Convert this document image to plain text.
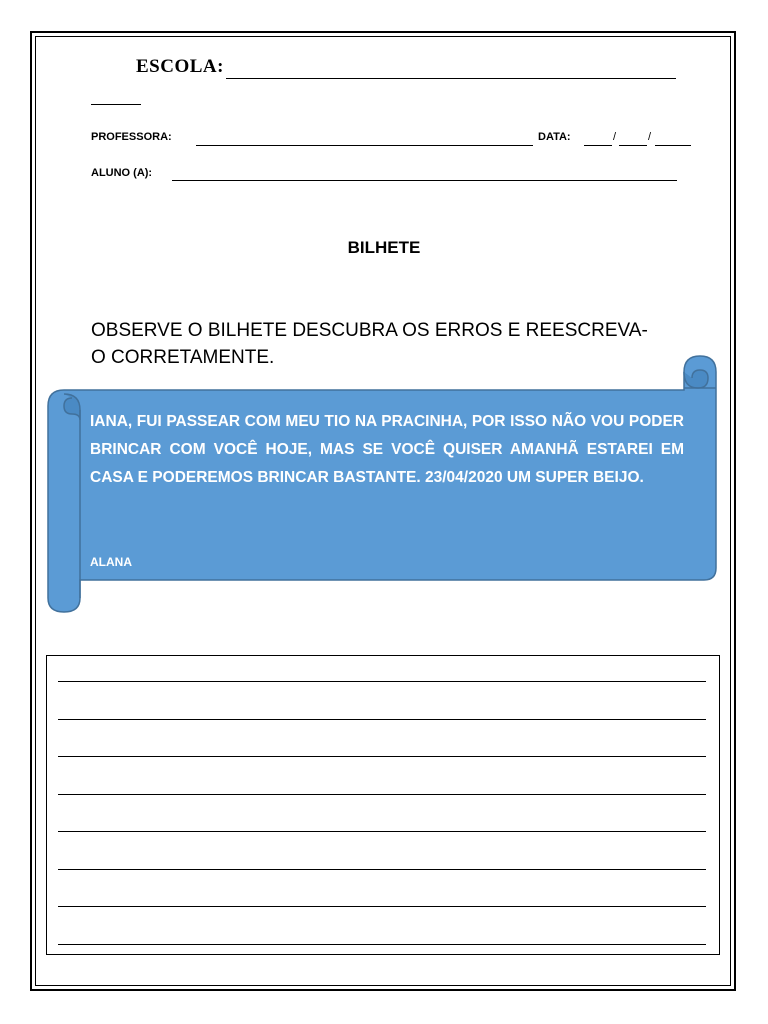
ESCOLA:
PROFESSORA:	DATA:	/	/
ALUNO (A):
BILHETE
OBSERVE O BILHETE DESCUBRA OS ERROS E REESCREVA-O CORRETAMENTE.

IANA, FUI PASSEAR COM MEU TIO NA PRACINHA, POR ISSO NÃO VOU PODER BRINCAR COM VOCÊ HOJE, MAS SE VOCÊ QUISER AMANHÃ ESTAREI EM CASA E PODEREMOS BRINCAR BASTANTE. 23/04/2020 UM SUPER BEIJO.

ALANA
